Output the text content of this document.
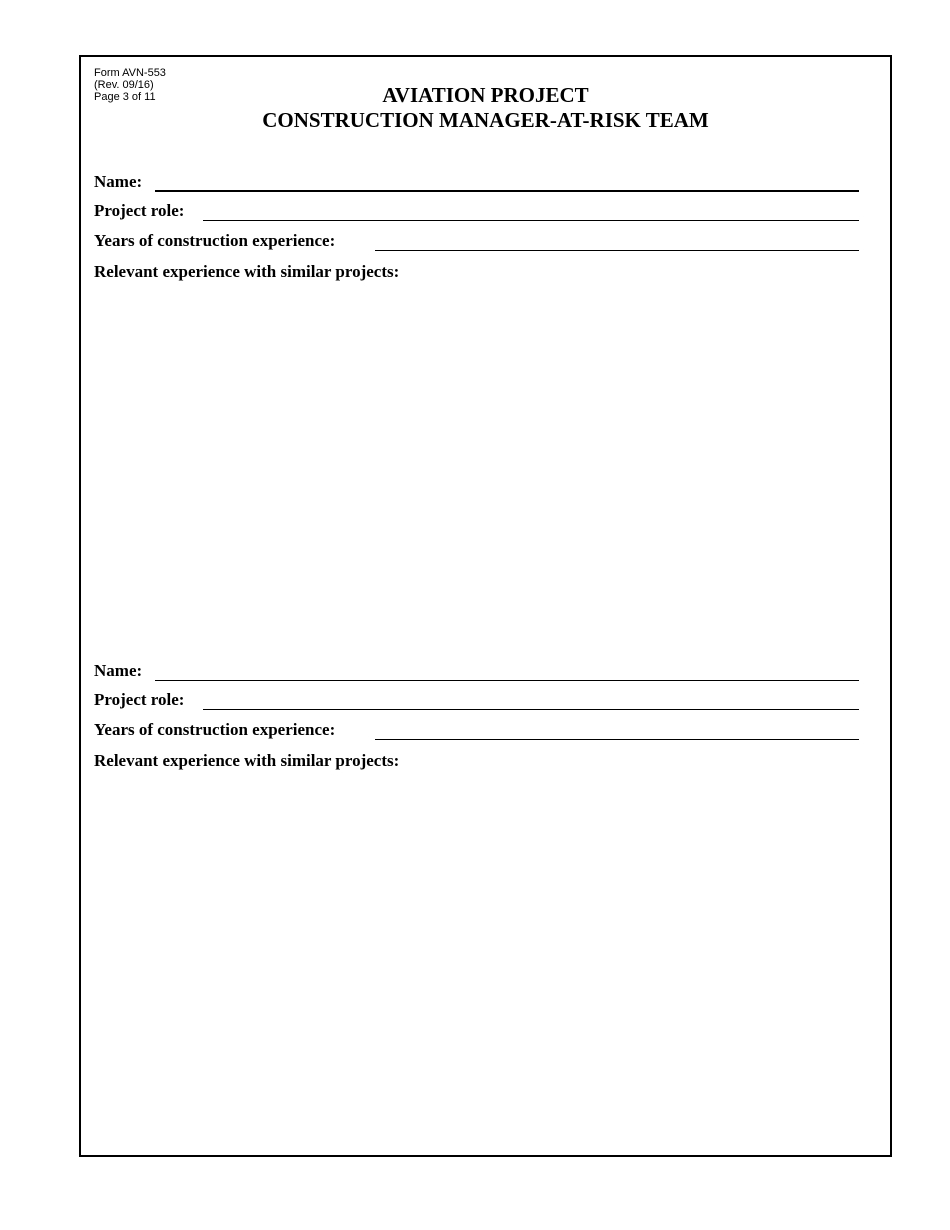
Form AVN-553
(Rev. 09/16)
Page 3 of 11	AVIATION PROJECT
CONSTRUCTION MANAGER-AT-RISK TEAM
Name:
Project role:
Years of construction experience:
Relevant experience with similar projects:
Name:
Project role:
Years of construction experience:
Relevant experience with similar projects:
